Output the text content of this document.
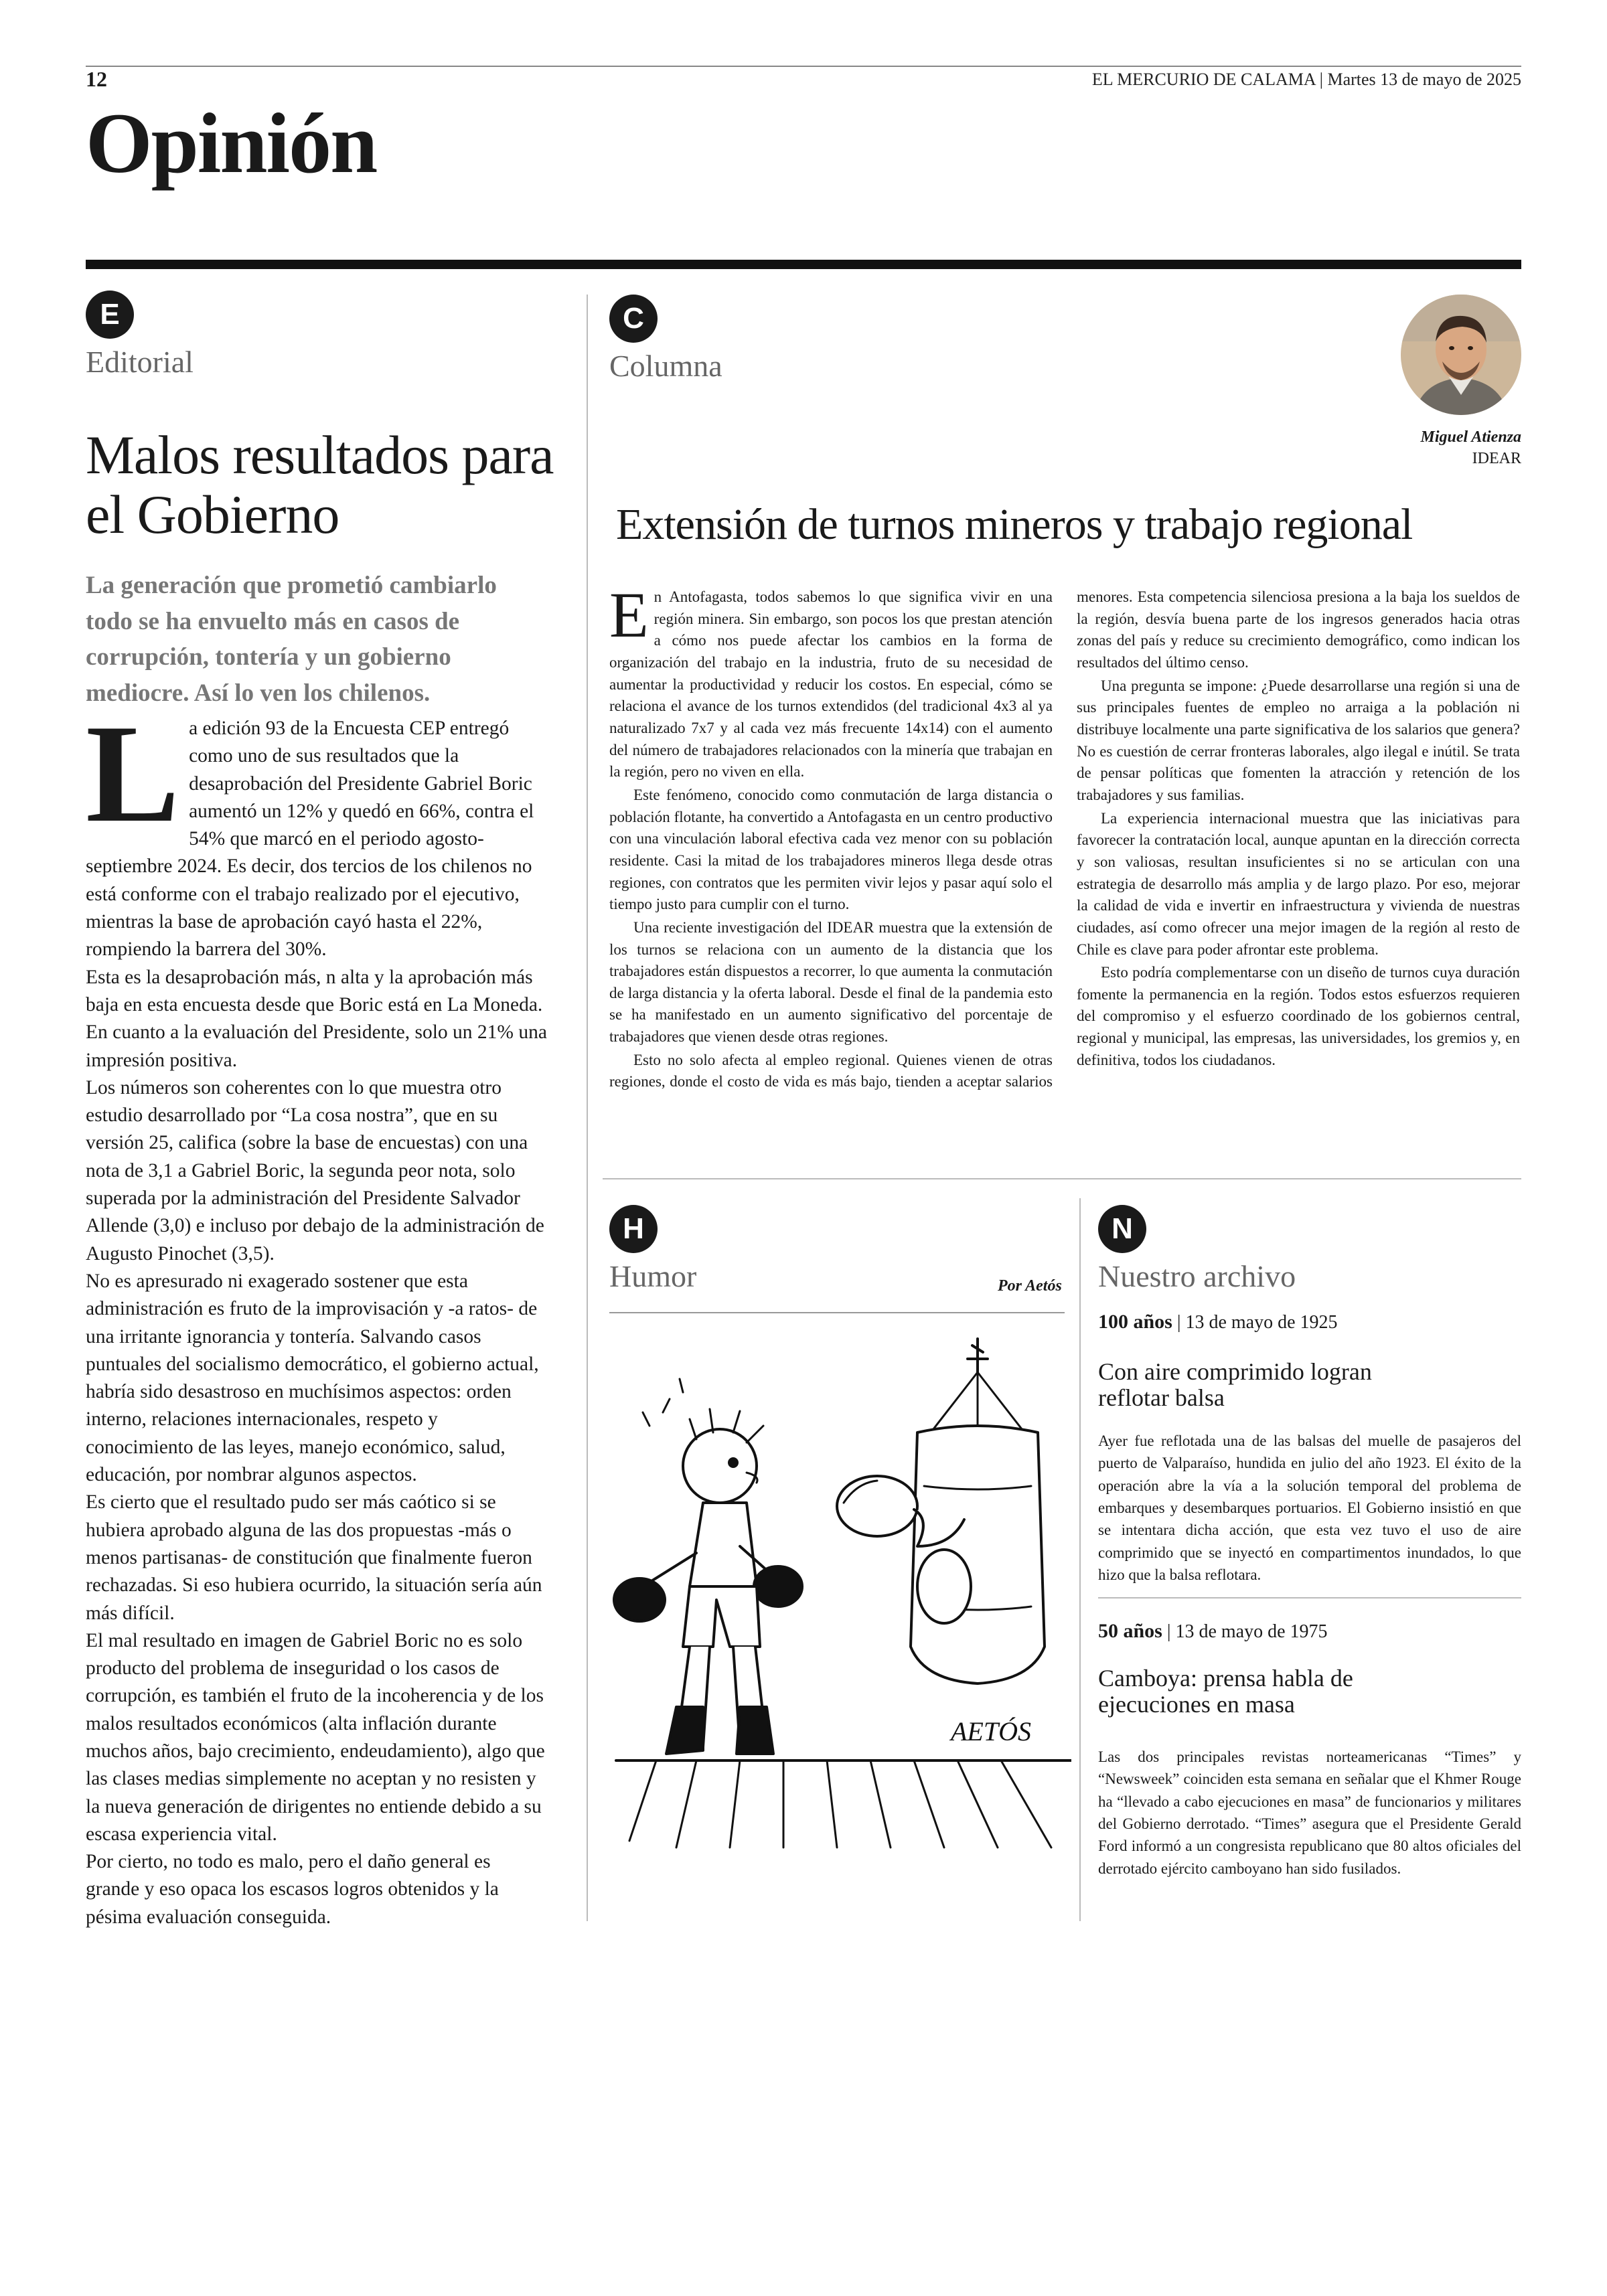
12	EL MERCURIO DE CALAMA | Martes 13 de mayo de 2025
Opinión
E
Editorial
Malos resultados para el Gobierno
La generación que prometió cambiarlo todo se ha envuelto más en casos de corrupción, tontería y un gobierno mediocre. Así lo ven los chilenos.

La edición 93 de la Encuesta CEP entregó como uno de sus resultados que la desaprobación del Presidente Gabriel Boric aumentó un 12% y quedó en 66%, contra el 54% que marcó en el periodo agosto-septiembre 2024. Es decir, dos tercios de los chilenos no está conforme con el trabajo realizado por el ejecutivo, mientras la base de aprobación cayó hasta el 22%, rompiendo la barrera del 30%.

Esta es la desaprobación más, n alta y la aprobación más baja en esta encuesta desde que Boric está en La Moneda. En cuanto a la evaluación del Presidente, solo un 21% una impresión positiva.

Los números son coherentes con lo que muestra otro estudio desarrollado por “La cosa nostra”, que en su versión 25, califica (sobre la base de encuestas) con una nota de 3,1 a Gabriel Boric, la segunda peor nota, solo superada por la administración del Presidente Salvador Allende (3,0) e incluso por debajo de la administración de Augusto Pinochet (3,5).

No es apresurado ni exagerado sostener que esta administración es fruto de la improvisación y -a ratos- de una irritante ignorancia y tontería. Salvando casos puntuales del socialismo democrático, el gobierno actual, habría sido desastroso en muchísimos aspectos: orden interno, relaciones internacionales, respeto y conocimiento de las leyes, manejo económico, salud, educación, por nombrar algunos aspectos.

Es cierto que el resultado pudo ser más caótico si se hubiera aprobado alguna de las dos propuestas -más o menos partisanas- de constitución que finalmente fueron rechazadas. Si eso hubiera ocurrido, la situación sería aún más difícil.

El mal resultado en imagen de Gabriel Boric no es solo producto del problema de inseguridad o los casos de corrupción, es también el fruto de la incoherencia y de los malos resultados económicos (alta inflación durante muchos años, bajo crecimiento, endeudamiento), algo que las clases medias simplemente no aceptan y no resisten y la nueva generación de dirigentes no entiende debido a su escasa experiencia vital.

Por cierto, no todo es malo, pero el daño general es grande y eso opaca los escasos logros obtenidos y la pésima evaluación conseguida.

C
Columna
Miguel Atienza
IDEAR
Extensión de turnos mineros y trabajo regional

En Antofagasta, todos sabemos lo que significa vivir en una región minera. Sin embargo, son pocos los que prestan atención a cómo nos puede afectar los cambios en la forma de organización del trabajo en la industria, fruto de su necesidad de aumentar la productividad y reducir los costos. En especial, cómo se relaciona el avance de los turnos extendidos (del tradicional 4x3 al ya naturalizado 7x7 y al cada vez más frecuente 14x14) con el aumento del número de trabajadores relacionados con la minería que trabajan en la región, pero no viven en ella.

Este fenómeno, conocido como conmutación de larga distancia o población flotante, ha convertido a Antofagasta en un centro productivo con una vinculación laboral efectiva cada vez menor con su población residente. Casi la mitad de los trabajadores mineros llega desde otras regiones, con contratos que les permiten vivir lejos y pasar aquí solo el tiempo justo para cumplir con el turno.

Una reciente investigación del IDEAR muestra que la extensión de los turnos se relaciona con un aumento de la distancia que los trabajadores están dispuestos a recorrer, lo que aumenta la conmutación de larga distancia y la oferta laboral. Desde el final de la pandemia esto se ha manifestado en un aumento significativo del porcentaje de trabajadores que vienen desde otras regiones.

Esto no solo afecta al empleo regional. Quienes vienen de otras regiones, donde el costo de vida es más bajo, tienden a aceptar salarios menores. Esta competencia silenciosa presiona a la baja los sueldos de la región, desvía buena parte de los ingresos generados hacia otras zonas del país y reduce su crecimiento demográfico, como indican los resultados del último censo.

Una pregunta se impone: ¿Puede desarrollarse una región si una de sus principales fuentes de empleo no arraiga a la población ni distribuye localmente una parte significativa de los salarios que genera? No es cuestión de cerrar fronteras laborales, algo ilegal e inútil. Se trata de pensar políticas que fomenten la atracción y retención de los trabajadores y sus familias.

La experiencia internacional muestra que las iniciativas para favorecer la contratación local, aunque apuntan en la dirección correcta y son valiosas, resultan insuficientes si no se articulan con una estrategia de desarrollo más amplia y de largo plazo. Por eso, mejorar la calidad de vida e invertir en infraestructura y vivienda de nuestras ciudades, así como ofrecer una mejor imagen de la región al resto de Chile es clave para poder afrontar este problema.

Esto podría complementarse con un diseño de turnos cuya duración fomente la permanencia en la región. Todos estos esfuerzos requieren del compromiso y el esfuerzo coordinado de los gobiernos central, regional y municipal, las empresas, las universidades, los gremios y, en definitiva, todos los ciudadanos.

H
Humor	Por Aetós
AETÓS
N
Nuestro archivo
100 años | 13 de mayo de 1925
Con aire comprimido logran reflotar balsa
Ayer fue reflotada una de las balsas del muelle de pasajeros del puerto de Valparaíso, hundida en julio del año 1923. El éxito de la operación abre la vía a la solución temporal del problema de embarques y desembarques portuarios. El Gobierno insistió en que se intentara dicha acción, que esta vez tuvo el uso de aire comprimido que se inyectó en compartimentos inundados, lo que hizo que la balsa reflotara.
50 años | 13 de mayo de 1975
Camboya: prensa habla de ejecuciones en masa
Las dos principales revistas norteamericanas “Times” y “Newsweek” coinciden esta semana en señalar que el Khmer Rouge ha “llevado a cabo ejecuciones en masa” de funcionarios y militares del Gobierno derrotado. “Times” asegura que el Presidente Gerald Ford informó a un congresista republicano que 80 altos oficiales del derrotado ejército camboyano han sido fusilados.
